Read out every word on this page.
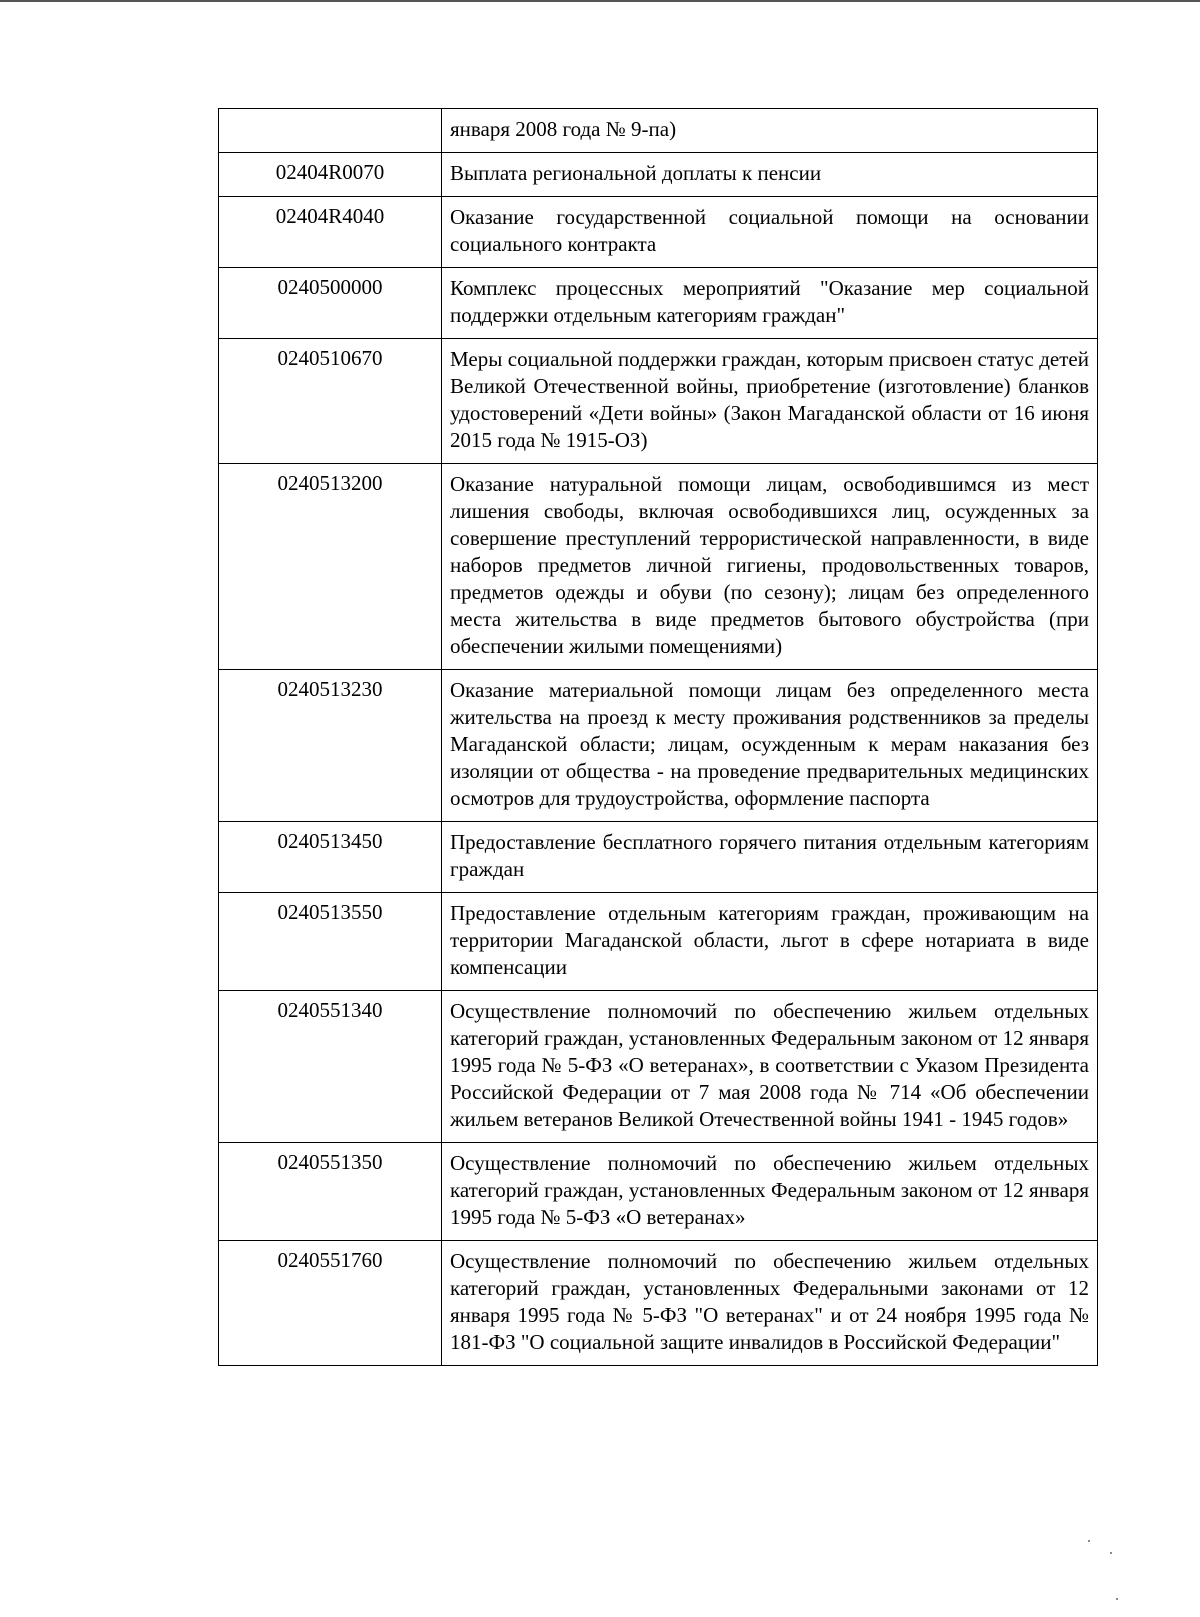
	января 2008 года № 9-па)
02404R0070	Выплата региональной доплаты к пенсии
02404R4040	Оказание государственной социальной помощи на основании социального контракта
0240500000	Комплекс процессных мероприятий "Оказание мер социальной поддержки отдельным категориям граждан"
0240510670	Меры социальной поддержки граждан, которым присвоен статус детей Великой Отечественной войны, приобретение (изготовление) бланков удостоверений «Дети войны» (Закон Магаданской области от 16 июня 2015 года № 1915-ОЗ)
0240513200	Оказание натуральной помощи лицам, освободившимся из мест лишения свободы, включая освободившихся лиц, осужденных за совершение преступлений террористической направленности, в виде наборов предметов личной гигиены, продовольственных товаров, предметов одежды и обуви (по сезону); лицам без определенного места жительства в виде предметов бытового обустройства (при обеспечении жилыми помещениями)
0240513230	Оказание материальной помощи лицам без определенного места жительства на проезд к месту проживания родственников за пределы Магаданской области; лицам, осужденным к мерам наказания без изоляции от общества - на проведение предварительных медицинских осмотров для трудоустройства, оформление паспорта
0240513450	Предоставление бесплатного горячего питания отдельным категориям граждан
0240513550	Предоставление отдельным категориям граждан, проживающим на территории Магаданской области, льгот в сфере нотариата в виде компенсации
0240551340	Осуществление полномочий по обеспечению жильем отдельных категорий граждан, установленных Федеральным законом от 12 января 1995 года № 5-ФЗ «О ветеранах», в соответствии с Указом Президента Российской Федерации от 7 мая 2008 года № 714 «Об обеспечении жильем ветеранов Великой Отечественной войны 1941 - 1945 годов»
0240551350	Осуществление полномочий по обеспечению жильем отдельных категорий граждан, установленных Федеральным законом от 12 января 1995 года № 5-ФЗ «О ветеранах»
0240551760	Осуществление полномочий по обеспечению жильем отдельных категорий граждан, установленных Федеральными законами от 12 января 1995 года № 5-ФЗ "О ветеранах" и от 24 ноября 1995 года № 181-ФЗ "О социальной защите инвалидов в Российской Федерации"
